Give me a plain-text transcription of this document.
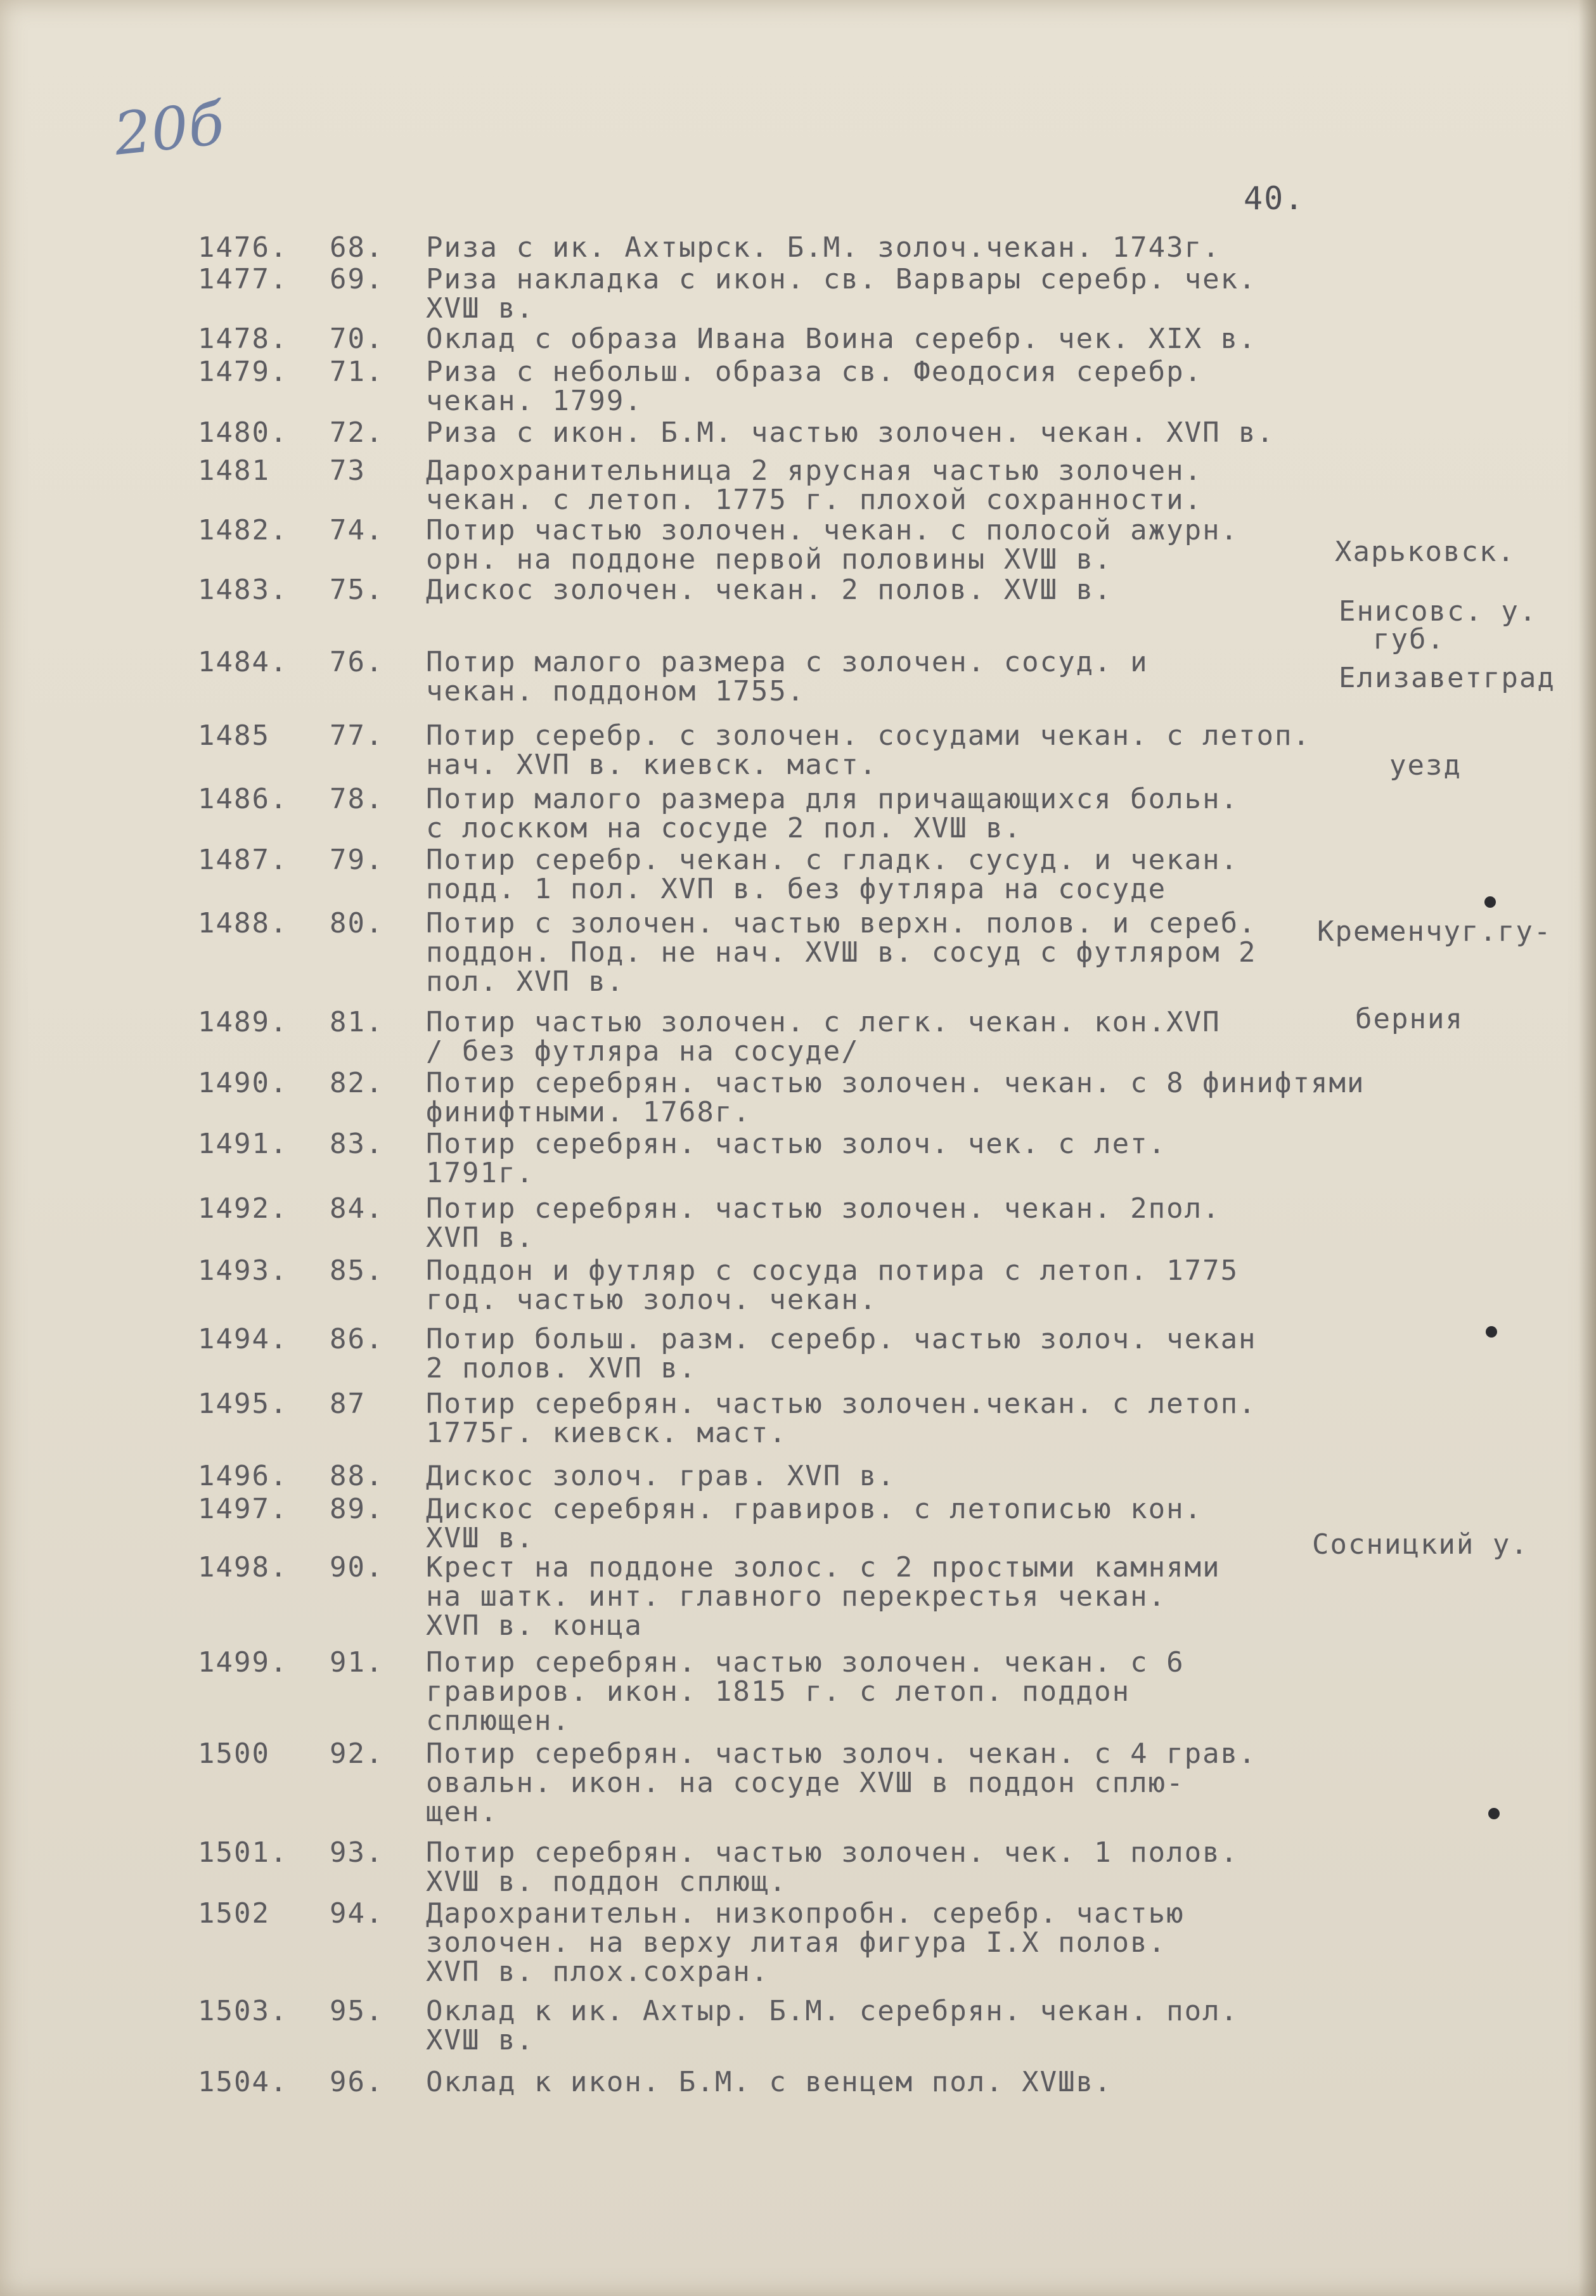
20б
40.
1476. 68. Риза с ик. Ахтырск. Б.М. золоч.чекан. 1743г.
1477. 69. Риза накладка с икон. св. Варвары серебр. чек.
ХVШ в.
1478. 70. Оклад с образа Ивана Воина серебр. чек. ХIХ в.
1479. 71. Риза с небольш. образа св. Феодосия серебр.
чекан. 1799.
1480. 72. Риза с икон. Б.М. частью золочен. чекан. ХVП в.
1481 73 Дарохранительница 2 ярусная частью золочен.
чекан. с летоп. 1775 г. плохой сохранности.
1482. 74. Потир частью золочен. чекан. с полосой ажурн.
орн. на поддоне первой половины ХVШ в.
1483. 75. Дискос золочен. чекан. 2 полов. ХVШ в.
1484. 76. Потир малого размера с золочен. сосуд. и
чекан. поддоном 1755.
1485 77. Потир серебр. с золочен. сосудами чекан. с летоп.
нач. ХVП в. киевск. маст.
1486. 78. Потир малого размера для причащающихся больн.
с лоскком на сосуде 2 пол. ХVШ в.
1487. 79. Потир серебр. чекан. с гладк. сусуд. и чекан.
подд. 1 пол. ХVП в. без футляра на сосуде
1488. 80. Потир с золочен. частью верхн. полов. и сереб.
поддон. Под. не нач. ХVШ в. сосуд с футляром 2
пол. ХVП в.
1489. 81. Потир частью золочен. с легк. чекан. кон.ХVП
/ без футляра на сосуде/
1490. 82. Потир серебрян. частью золочен. чекан. с 8 финифтями
финифтными. 1768г.
1491. 83. Потир серебрян. частью золоч. чек. с лет.
1791г.
1492. 84. Потир серебрян. частью золочен. чекан. 2пол.
ХVП в.
1493. 85. Поддон и футляр с сосуда потира с летоп. 1775
год. частью золоч. чекан.
1494. 86. Потир больш. разм. серебр. частью золоч. чекан
2 полов. ХVП в.
1495. 87 Потир серебрян. частью золочен.чекан. с летоп.
1775г. киевск. маст.
1496. 88. Дискос золоч. грав. ХVП в.
1497. 89. Дискос серебрян. гравиров. с летописью кон.
ХVШ в.
1498. 90. Крест на поддоне золос. с 2 простыми камнями
на шатк. инт. главного перекрестья чекан.
ХVП в. конца
1499. 91. Потир серебрян. частью золочен. чекан. с 6
гравиров. икон. 1815 г. с летоп. поддон
сплющен.
1500 92. Потир серебрян. частью золоч. чекан. с 4 грав.
овальн. икон. на сосуде ХVШ в поддон сплю-
щен.
1501. 93. Потир серебрян. частью золочен. чек. 1 полов.
ХVШ в. поддон сплющ.
1502 94. Дарохранительн. низкопробн. серебр. частью
золочен. на верху литая фигура I.Х полов.
ХVП в. плох.сохран.
1503. 95. Оклад к ик. Ахтыр. Б.М. серебрян. чекан. пол.
ХVШ в.
1504. 96. Оклад к икон. Б.М. с венцем пол. ХVШв.

Харьковск.

губ.

Енисовс. у.

Елизаветград

уезд

Кременчуг.гу-

берния

Сосницкий у.
